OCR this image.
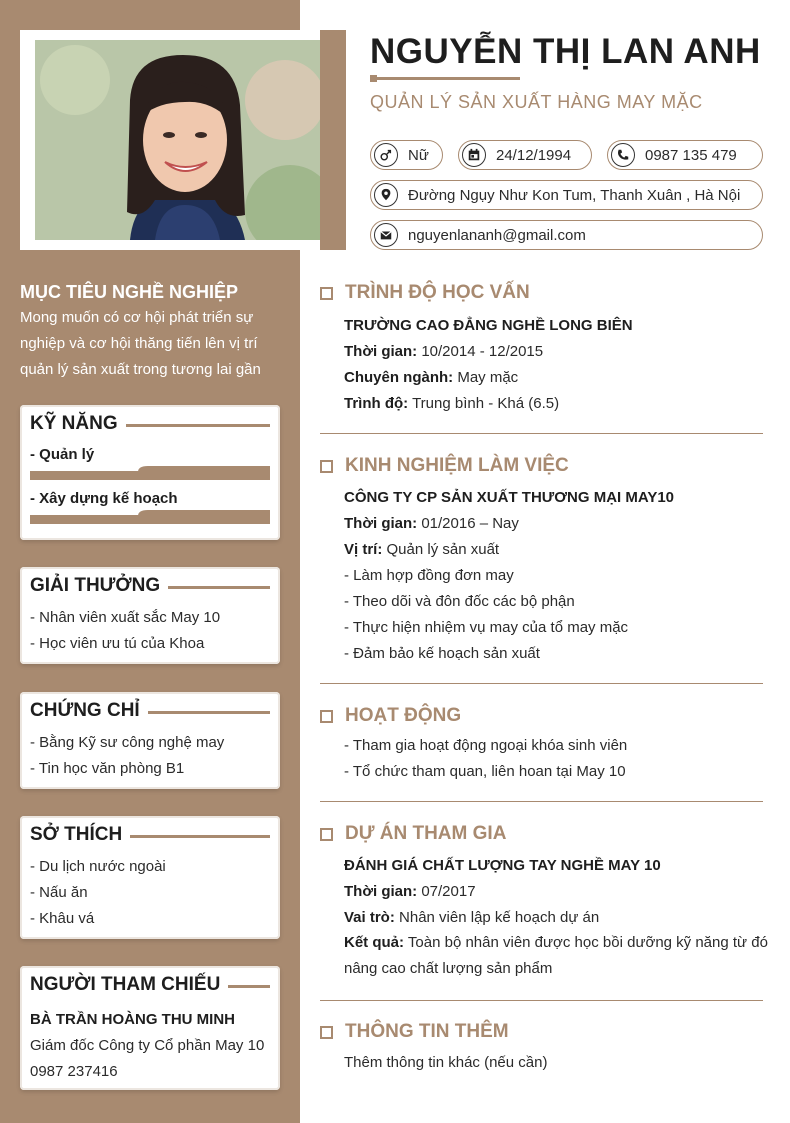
NGUYỄN THỊ LAN ANH
QUẢN LÝ SẢN XUẤT HÀNG MAY MẶC
Nữ	24/12/1994	0987 135 479
Đường Ngụy Như Kon Tum, Thanh Xuân , Hà Nội
nguyenlananh@gmail.com
MỤC TIÊU NGHỀ NGHIỆP
Mong muốn có cơ hội phát triển sự nghiệp và cơ hội thăng tiến lên vị trí quản lý sản xuất trong tương lai gần
KỸ NĂNG
- Quản lý
- Xây dựng kế hoạch
GIẢI THƯỞNG
- Nhân viên xuất sắc May 10
- Học viên ưu tú của Khoa
CHỨNG CHỈ
- Bằng Kỹ sư công nghệ may
- Tin học văn phòng B1
SỞ THÍCH
- Du lịch nước ngoài
- Nấu ăn
- Khâu vá
NGƯỜI THAM CHIẾU
BÀ TRẦN HOÀNG THU MINH
Giám đốc Công ty Cổ phần May 10
0987 237416
TRÌNH ĐỘ HỌC VẤN
TRƯỜNG CAO ĐẲNG NGHỀ LONG BIÊN
Thời gian: 10/2014 - 12/2015
Chuyên ngành: May mặc
Trình độ: Trung bình - Khá (6.5)
KINH NGHIỆM LÀM VIỆC
CÔNG TY CP SẢN XUẤT THƯƠNG MẠI MAY10
Thời gian: 01/2016 – Nay
Vị trí: Quản lý sản xuất
- Làm hợp đồng đơn may
- Theo dõi và đôn đốc các bộ phận
- Thực hiện nhiệm vụ may của tổ may mặc
- Đảm bảo kế hoạch sản xuất
HOẠT ĐỘNG
- Tham gia hoạt động ngoại khóa sinh viên
- Tổ chức tham quan, liên hoan tại May 10
DỰ ÁN THAM GIA
ĐÁNH GIÁ CHẤT LƯỢNG TAY NGHỀ MAY 10
Thời gian: 07/2017
Vai trò: Nhân viên lập kế hoạch dự án
Kết quả: Toàn bộ nhân viên được học bồi dưỡng kỹ năng từ đó nâng cao chất lượng sản phẩm
THÔNG TIN THÊM
Thêm thông tin khác (nếu cần)
